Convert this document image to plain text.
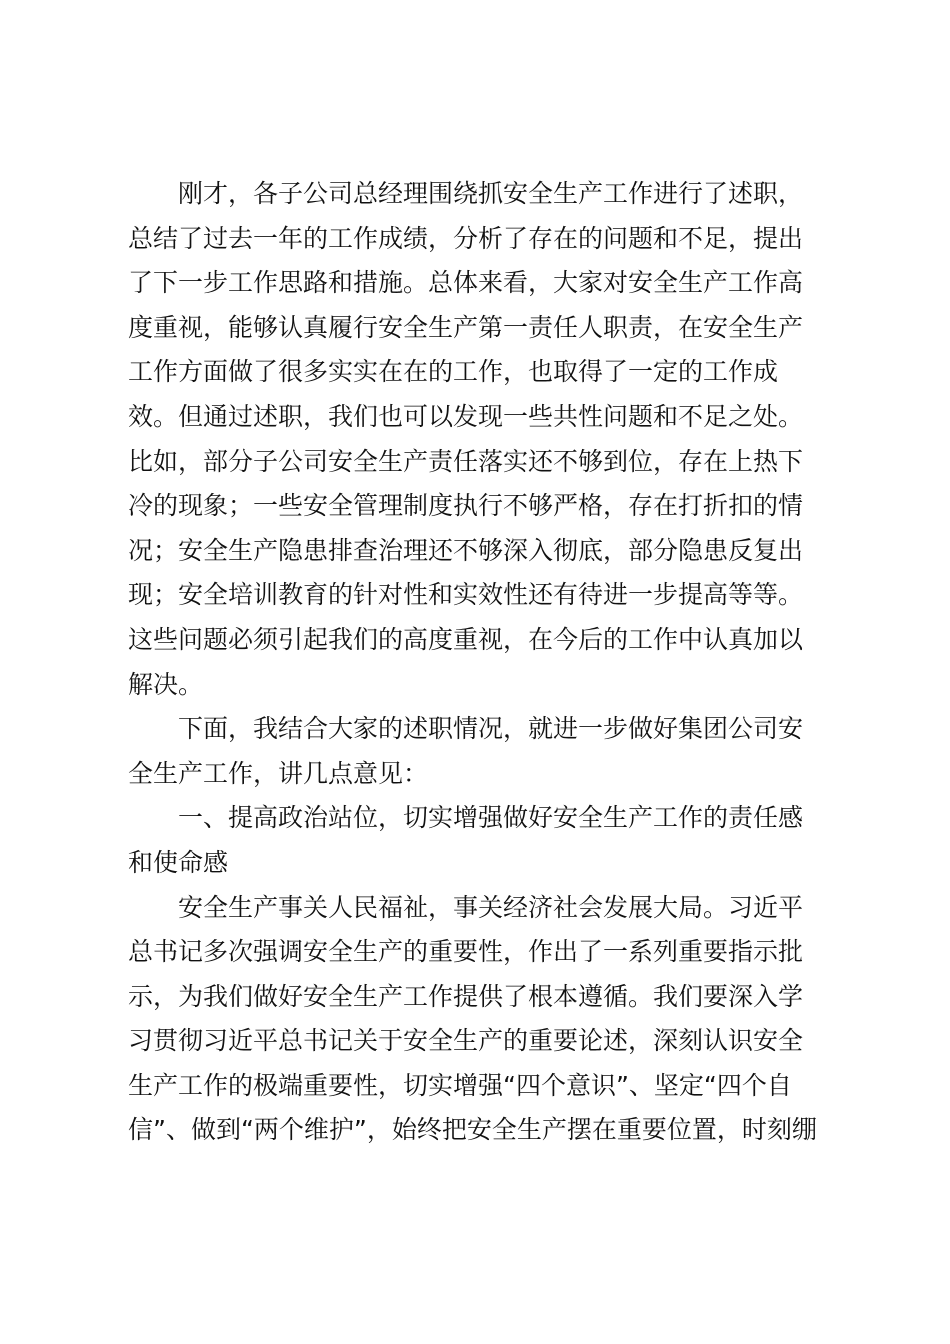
刚才，各子公司总经理围绕抓安全生产工作进行了述职，
总结了过去一年的工作成绩，分析了存在的问题和不足，提出
了下一步工作思路和措施。总体来看，大家对安全生产工作高
度重视，能够认真履行安全生产第一责任人职责，在安全生产
工作方面做了很多实实在在的工作，也取得了一定的工作成
效。但通过述职，我们也可以发现一些共性问题和不足之处。
比如，部分子公司安全生产责任落实还不够到位，存在上热下
冷的现象；一些安全管理制度执行不够严格，存在打折扣的情
况；安全生产隐患排查治理还不够深入彻底，部分隐患反复出
现；安全培训教育的针对性和实效性还有待进一步提高等等。
这些问题必须引起我们的高度重视，在今后的工作中认真加以
解决。
下面，我结合大家的述职情况，就进一步做好集团公司安
全生产工作，讲几点意见：
一、提高政治站位，切实增强做好安全生产工作的责任感
和使命感
安全生产事关人民福祉，事关经济社会发展大局。习近平
总书记多次强调安全生产的重要性，作出了一系列重要指示批
示，为我们做好安全生产工作提供了根本遵循。我们要深入学
习贯彻习近平总书记关于安全生产的重要论述，深刻认识安全
生产工作的极端重要性，切实增强“四个意识”、坚定“四个自
信”、做到“两个维护”，始终把安全生产摆在重要位置，时刻绷
